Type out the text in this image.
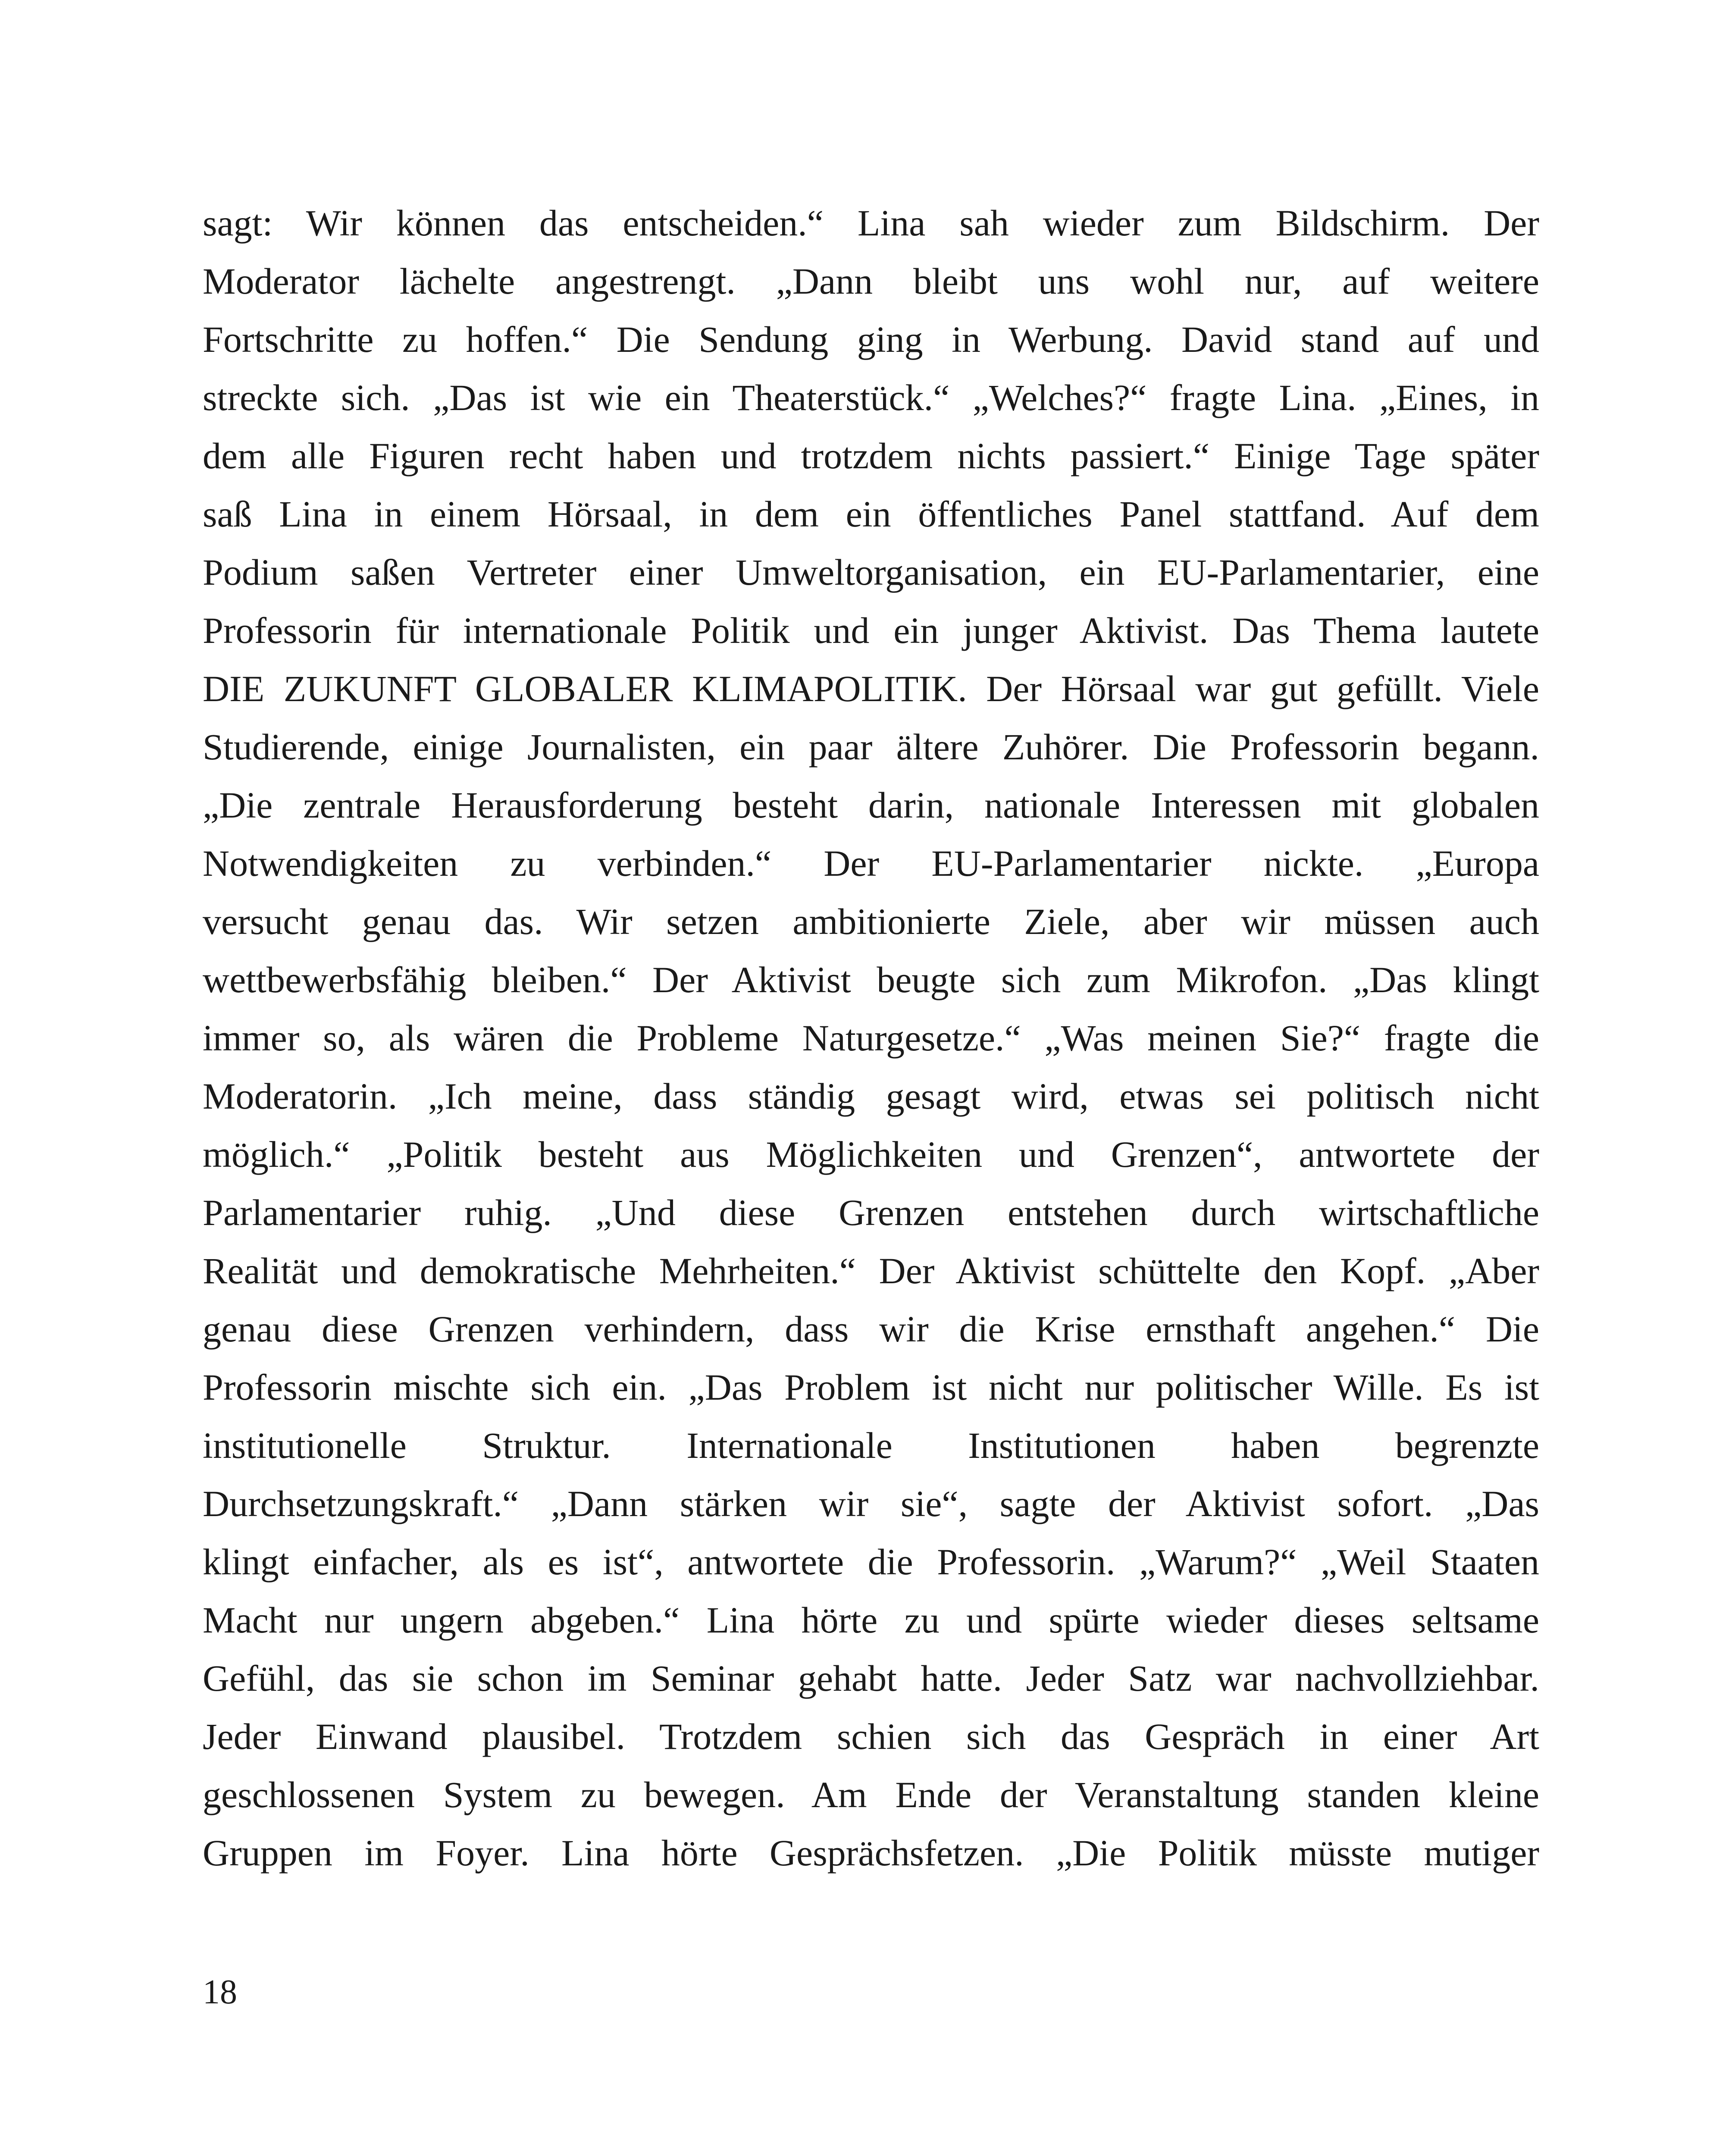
sagt: Wir können das entscheiden.“ Lina sah wieder zum Bildschirm. Der
Moderator lächelte angestrengt. „Dann bleibt uns wohl nur, auf weitere
Fortschritte zu hoffen.“ Die Sendung ging in Werbung. David stand auf und
streckte sich. „Das ist wie ein Theaterstück.“ „Welches?“ fragte Lina. „Eines, in
dem alle Figuren recht haben und trotzdem nichts passiert.“ Einige Tage später
saß Lina in einem Hörsaal, in dem ein öffentliches Panel stattfand. Auf dem
Podium saßen Vertreter einer Umweltorganisation, ein EU-Parlamentarier, eine
Professorin für internationale Politik und ein junger Aktivist. Das Thema lautete
DIE ZUKUNFT GLOBALER KLIMAPOLITIK. Der Hörsaal war gut gefüllt. Viele
Studierende, einige Journalisten, ein paar ältere Zuhörer. Die Professorin begann.
„Die zentrale Herausforderung besteht darin, nationale Interessen mit globalen
Notwendigkeiten zu verbinden.“ Der EU-Parlamentarier nickte. „Europa
versucht genau das. Wir setzen ambitionierte Ziele, aber wir müssen auch
wettbewerbsfähig bleiben.“ Der Aktivist beugte sich zum Mikrofon. „Das klingt
immer so, als wären die Probleme Naturgesetze.“ „Was meinen Sie?“ fragte die
Moderatorin. „Ich meine, dass ständig gesagt wird, etwas sei politisch nicht
möglich.“ „Politik besteht aus Möglichkeiten und Grenzen“, antwortete der
Parlamentarier ruhig. „Und diese Grenzen entstehen durch wirtschaftliche
Realität und demokratische Mehrheiten.“ Der Aktivist schüttelte den Kopf. „Aber
genau diese Grenzen verhindern, dass wir die Krise ernsthaft angehen.“ Die
Professorin mischte sich ein. „Das Problem ist nicht nur politischer Wille. Es ist
institutionelle Struktur. Internationale Institutionen haben begrenzte
Durchsetzungskraft.“ „Dann stärken wir sie“, sagte der Aktivist sofort. „Das
klingt einfacher, als es ist“, antwortete die Professorin. „Warum?“ „Weil Staaten
Macht nur ungern abgeben.“ Lina hörte zu und spürte wieder dieses seltsame
Gefühl, das sie schon im Seminar gehabt hatte. Jeder Satz war nachvollziehbar.
Jeder Einwand plausibel. Trotzdem schien sich das Gespräch in einer Art
geschlossenen System zu bewegen. Am Ende der Veranstaltung standen kleine
Gruppen im Foyer. Lina hörte Gesprächsfetzen. „Die Politik müsste mutiger
18
